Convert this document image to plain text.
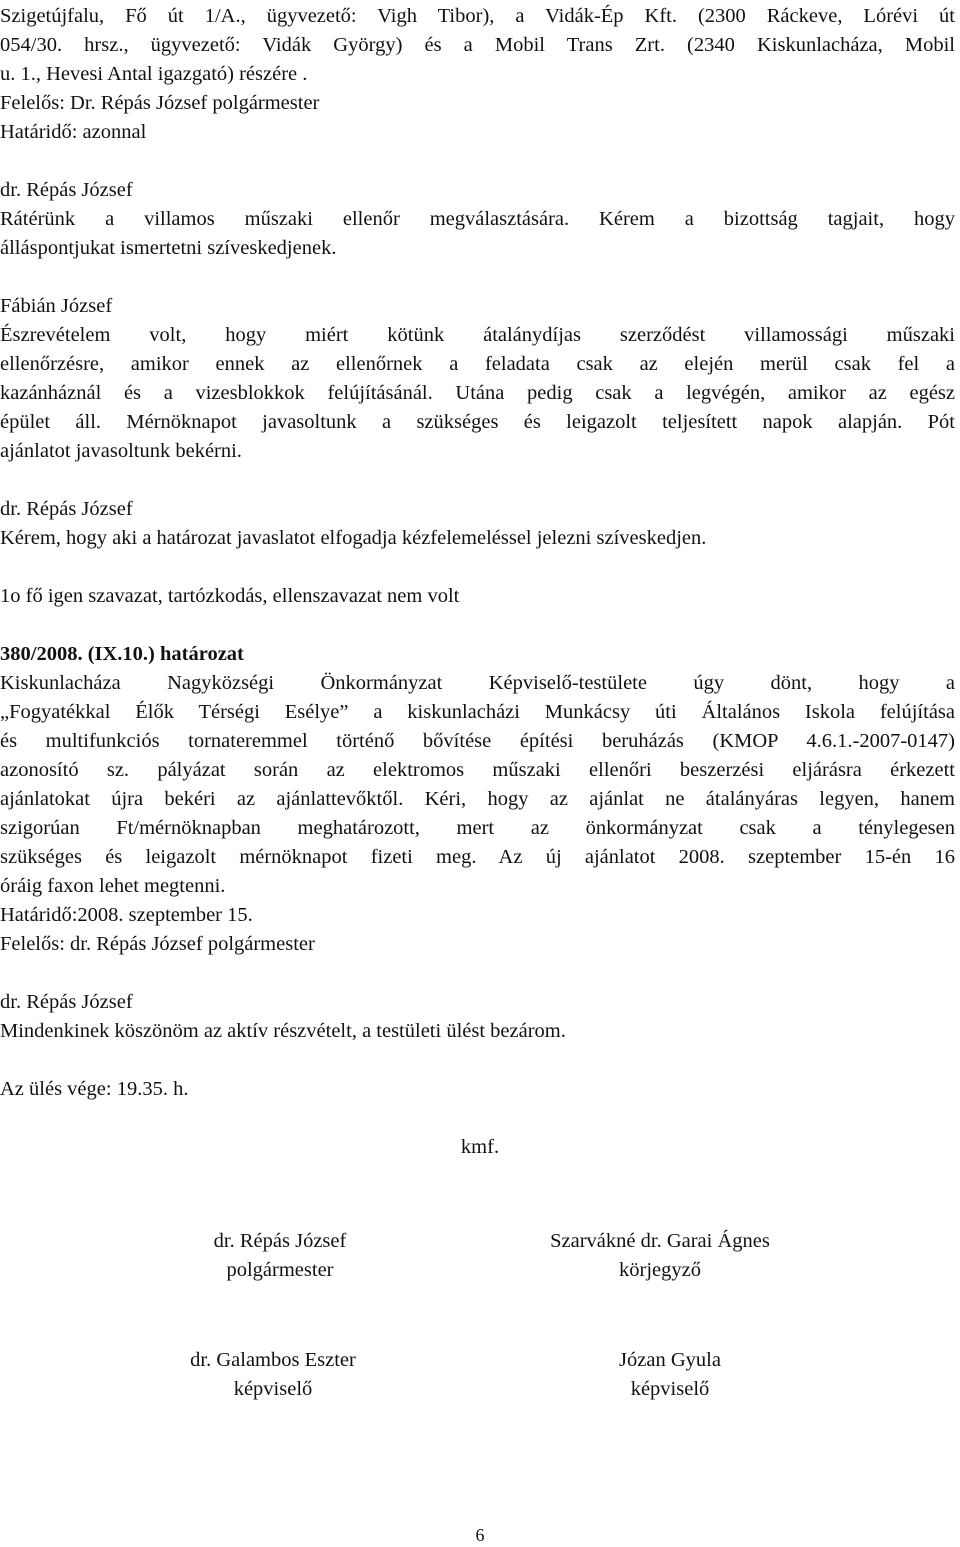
Szigetújfalu, Fő út 1/A., ügyvezető: Vigh Tibor), a Vidák-Ép Kft. (2300 Ráckeve, Lórévi út
054/30. hrsz., ügyvezető: Vidák György) és a Mobil Trans Zrt. (2340 Kiskunlacháza, Mobil
u. 1., Hevesi Antal igazgató) részére .
Felelős: Dr. Répás József polgármester
Határidő: azonnal
dr. Répás József
Rátérünk a villamos műszaki ellenőr megválasztására. Kérem a bizottság tagjait, hogy
álláspontjukat ismertetni szíveskedjenek.
Fábián József
Észrevételem volt, hogy miért kötünk átalánydíjas szerződést villamossági műszaki
ellenőrzésre, amikor ennek az ellenőrnek a feladata csak az elején merül csak fel a
kazánháznál és a vizesblokkok felújításánál. Utána pedig csak a legvégén, amikor az egész
épület áll. Mérnöknapot javasoltunk a szükséges és leigazolt teljesített napok alapján. Pót
ajánlatot javasoltunk bekérni.
dr. Répás József
Kérem, hogy aki a határozat javaslatot elfogadja kézfelemeléssel jelezni szíveskedjen.
1o fő igen szavazat, tartózkodás, ellenszavazat nem volt
380/2008. (IX.10.) határozat
Kiskunlacháza Nagyközségi Önkormányzat Képviselő-testülete úgy dönt, hogy a
„Fogyatékkal Élők Térségi Esélye” a kiskunlacházi Munkácsy úti Általános Iskola felújítása
és multifunkciós tornateremmel történő bővítése építési beruházás (KMOP 4.6.1.-2007-0147)
azonosító sz. pályázat során az elektromos műszaki ellenőri beszerzési eljárásra érkezett
ajánlatokat újra bekéri az ajánlattevőktől. Kéri, hogy az ajánlat ne átalányáras legyen, hanem
szigorúan Ft/mérnöknapban meghatározott, mert az önkormányzat csak a ténylegesen
szükséges és leigazolt mérnöknapot fizeti meg. Az új ajánlatot 2008. szeptember 15-én 16
óráig faxon lehet megtenni.
Határidő:2008. szeptember 15.
Felelős: dr. Répás József polgármester
dr. Répás József
Mindenkinek köszönöm az aktív részvételt, a testületi ülést bezárom.
Az ülés vége: 19.35. h.
kmf.
dr. Répás József
polgármester
Szarvákné dr. Garai Ágnes
körjegyző
dr. Galambos Eszter
képviselő
Józan Gyula
képviselő
6
